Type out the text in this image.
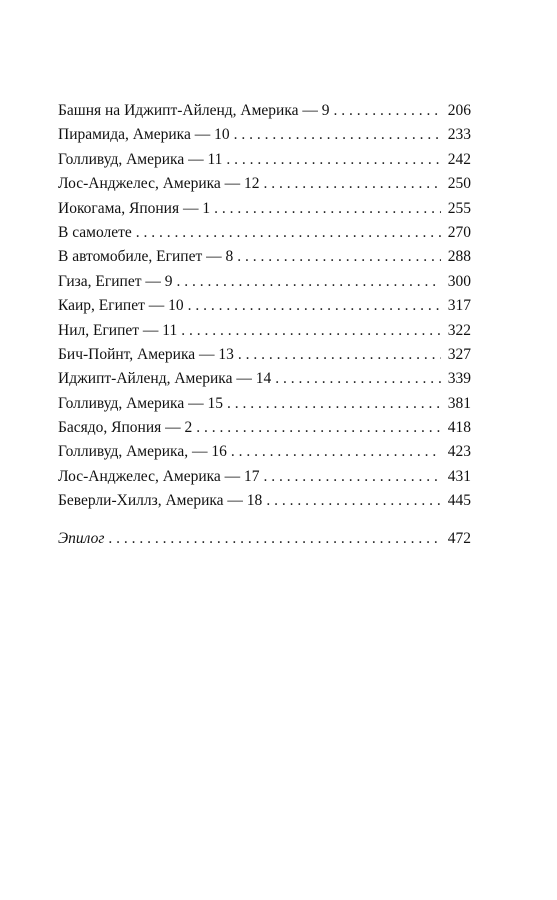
Башня на Иджипт-Айленд, Америка — 9 . . .	206
Пирамида, Америка — 10 . . .	233
Голливуд, Америка — 11 . . .	242
Лос-Анджелес, Америка — 12 . . .	250
Иокогама, Япония — 1 . . .	255
В самолете . . .	270
В автомобиле, Египет — 8 . . .	288
Гиза, Египет — 9 . . .	300
Каир, Египет — 10 . . .	317
Нил, Египет — 11 . . .	322
Бич-Пойнт, Америка — 13 . . .	327
Иджипт-Айленд, Америка — 14 . . .	339
Голливуд, Америка — 15 . . .	381
Басядо, Япония — 2 . . .	418
Голливуд, Америка, — 16 . . .	423
Лос-Анджелес, Америка — 17 . . .	431
Беверли-Хиллз, Америка — 18 . . .	445
Эпилог . . .	472
